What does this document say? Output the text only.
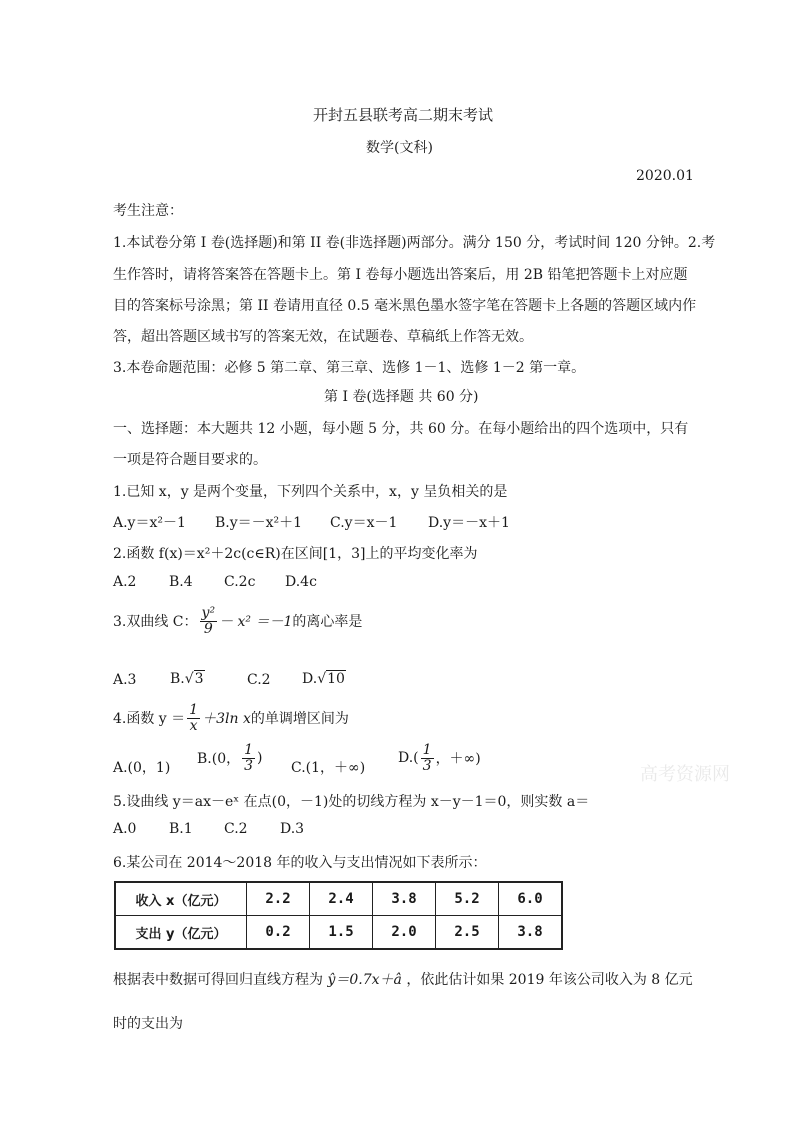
开封五县联考高二期末考试
数学(文科)
2020.01
考生注意：
1.本试卷分第 I 卷(选择题)和第 II 卷(非选择题)两部分。满分 150 分，考试时间 120 分钟。2.考
生作答时，请将答案答在答题卡上。第 I 卷每小题选出答案后，用 2B 铅笔把答题卡上对应题
目的答案标号涂黑；第 II 卷请用直径 0.5 毫米黑色墨水签字笔在答题卡上各题的答题区域内作
答，超出答题区域书写的答案无效，在试题卷、草稿纸上作答无效。
3.本卷命题范围：必修 5 第二章、第三章、选修 1－1、选修 1－2 第一章。
第 I 卷(选择题 共 60 分)
一、选择题：本大题共 12 小题，每小题 5 分，共 60 分。在每小题给出的四个选项中，只有
一项是符合题目要求的。
1.已知 x，y 是两个变量，下列四个关系中，x，y 呈负相关的是
A.y＝x²－1 B.y＝－x²＋1 C.y＝x－1 D.y＝－x＋1
2.函数 f(x)＝x²＋2c(c∈R)在区间[1，3]上的平均变化率为
A.2 B.4 C.2c D.4c
3.双曲线 C： $\frac{\text{y²}}{9} - x^2 =-1$ 的离心率是
A.3 B.√ 3	C.2 D.√ 10
4.函数 $y = \frac{1}{x} +3\ln$ x 的单调增区间为
A.(0，1)
B.(0， $\frac{1}{3}$ )
C.(1，＋∞)
$D.( \frac{1}{3}$ ，＋∞)
5.设曲线 y＝ax－eˣ 在点(0，－1)处的切线方程为 x－y－1＝0，则实数 a＝
A.0 B.1 C.2 D.3
6.某公司在 2014～2018 年的收入与支出情况如下表所示：
收入 x（亿元）	2.2	2.4	3.8	5.2	6.0
支出 y（亿元）	0.2	1.5	2.0	2.5	3.8
根据表中数据可得回归直线方程为 ŷ＝0.7x＋â ，依此估计如果 2019 年该公司收入为 8 亿元
时的支出为
高考资源网
